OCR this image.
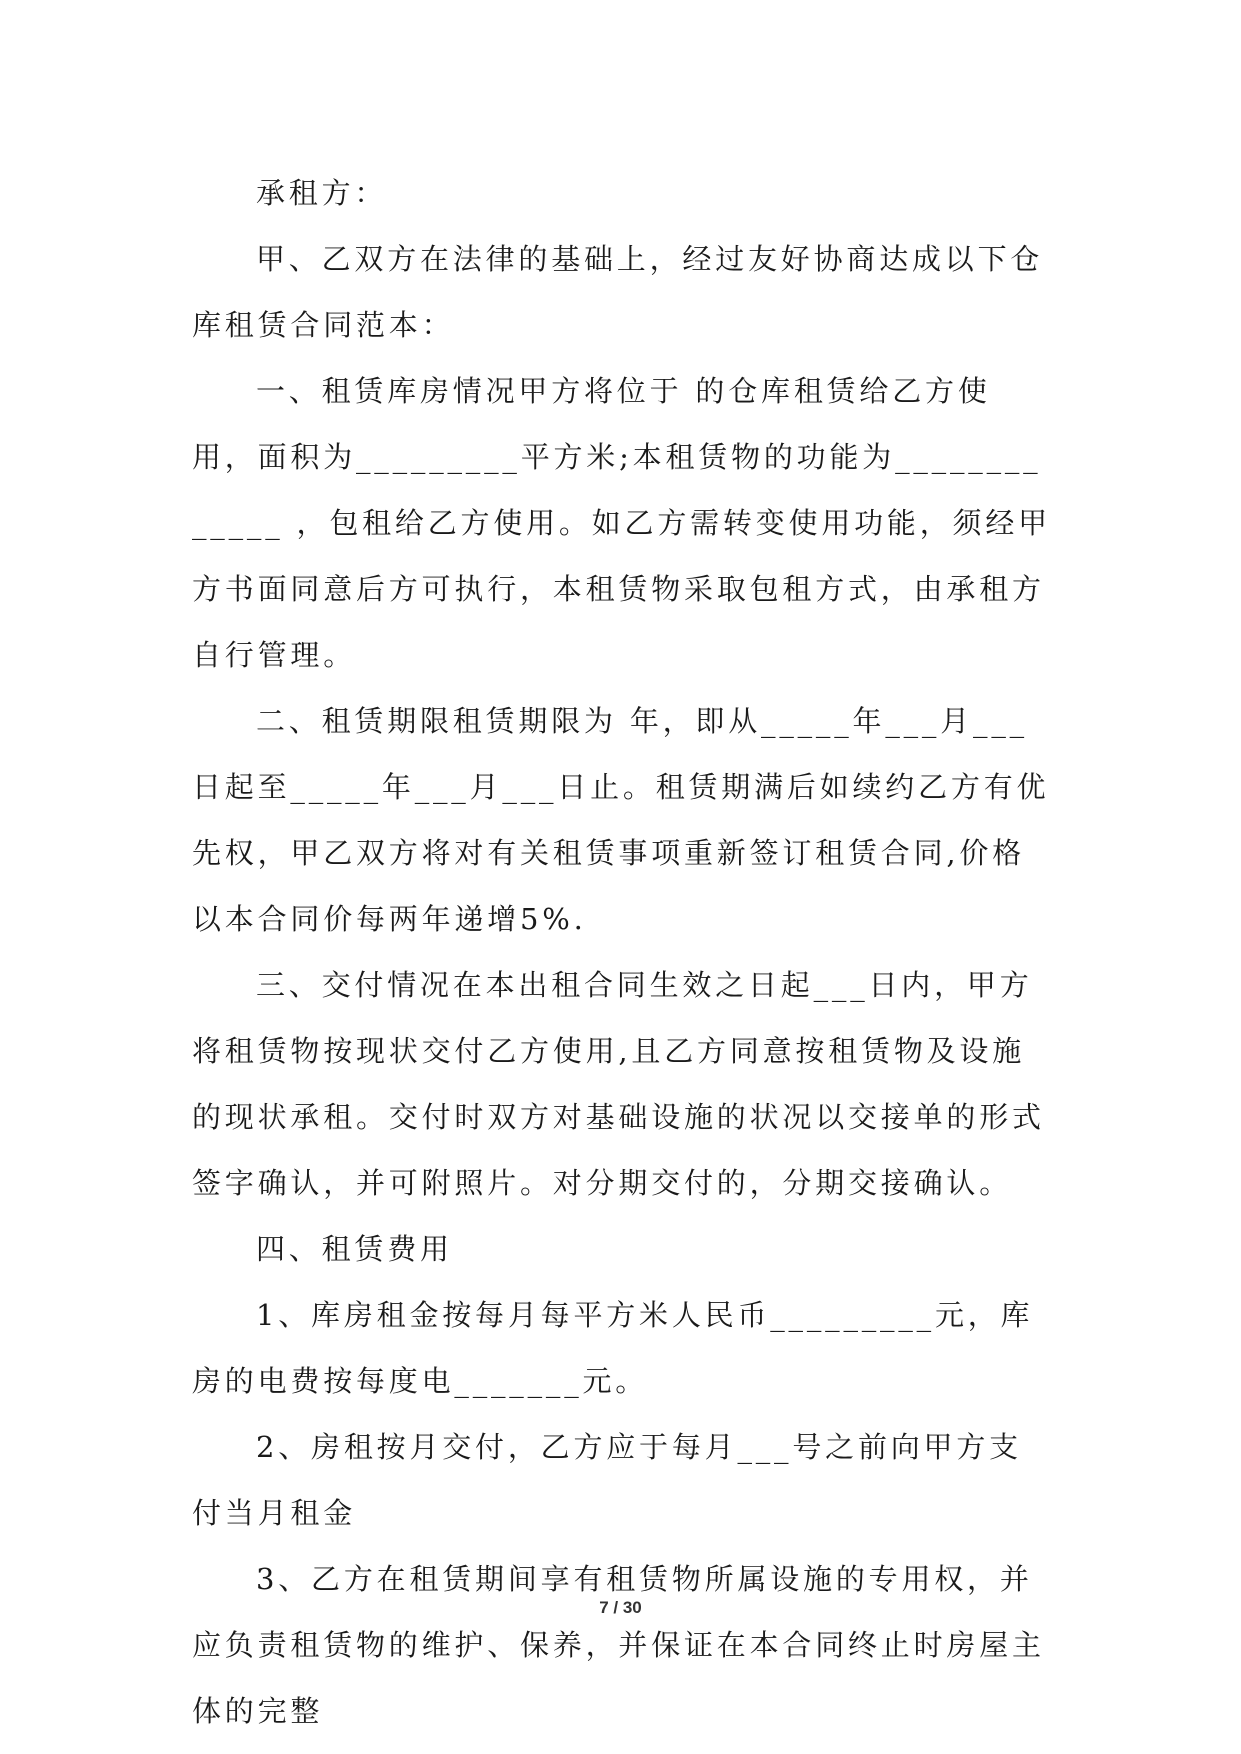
承租方：

甲、乙双方在法律的基础上，经过友好协商达成以下仓库租赁合同范本：

一、租赁库房情况甲方将位于 的仓库租赁给乙方使用，面积为_________平方米;本租赁物的功能为_____________ ，包租给乙方使用。如乙方需转变使用功能，须经甲方书面同意后方可执行，本租赁物采取包租方式，由承租方自行管理。

二、租赁期限租赁期限为 年，即从_____年___月___日起至_____年___月___日止。租赁期满后如续约乙方有优先权，甲乙双方将对有关租赁事项重新签订租赁合同,价格以本合同价每两年递增5%.

三、交付情况在本出租合同生效之日起___日内，甲方将租赁物按现状交付乙方使用,且乙方同意按租赁物及设施的现状承租。交付时双方对基础设施的状况以交接单的形式签字确认，并可附照片。对分期交付的，分期交接确认。

四、租赁费用

1、库房租金按每月每平方米人民币_________元，库房的电费按每度电_______元。

2、房租按月交付，乙方应于每月___号之前向甲方支付当月租金

3、乙方在租赁期间享有租赁物所属设施的专用权，并应负责租赁物的维护、保养，并保证在本合同终止时房屋主体的完整

7 / 30
